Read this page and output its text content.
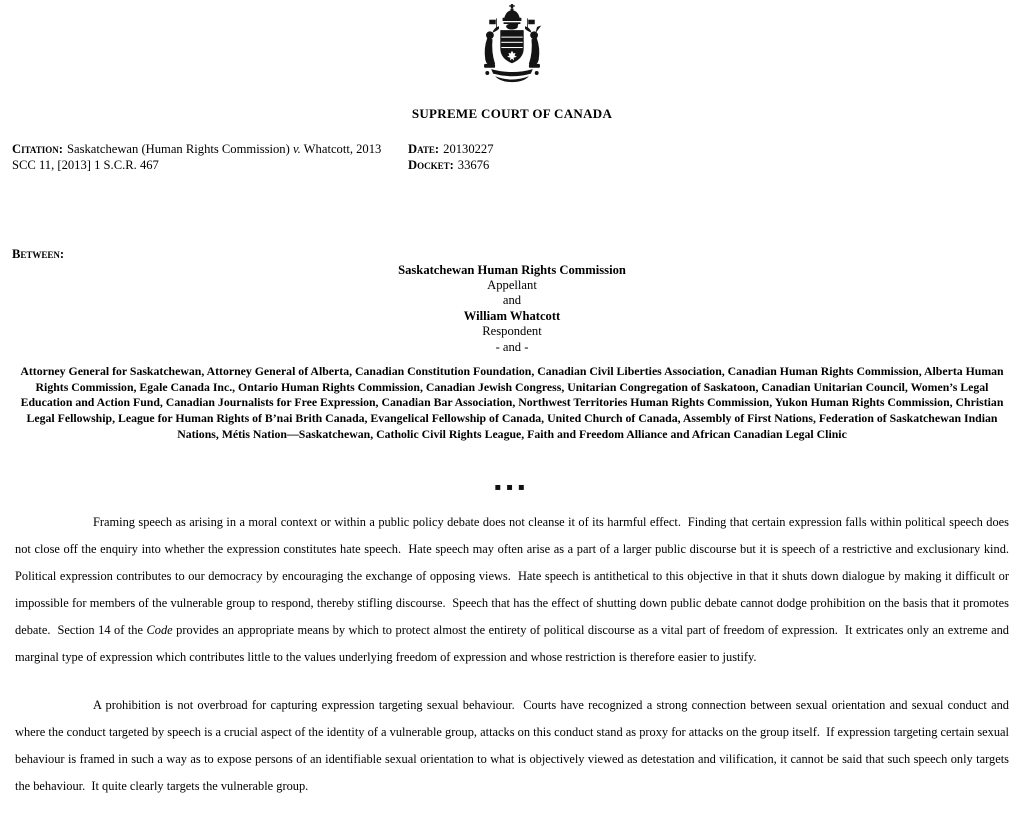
SUPREME COURT OF CANADA

Citation: Saskatchewan (Human Rights Commission) v. Whatcott, 2013 SCC 11, [2013] 1 S.C.R. 467

Date: 20130227
Docket: 33676
Between:
Saskatchewan Human Rights Commission
Appellant
and
William Whatcott
Respondent
- and -
Attorney General for Saskatchewan, Attorney General of Alberta, Canadian Constitution Foundation, Canadian Civil Liberties Association, Canadian Human Rights Commission, Alberta Human Rights Commission, Egale Canada Inc., Ontario Human Rights Commission, Canadian Jewish Congress, Unitarian Congregation of Saskatoon, Canadian Unitarian Council, Women’s Legal Education and Action Fund, Canadian Journalists for Free Expression, Canadian Bar Association, Northwest Territories Human Rights Commission, Yukon Human Rights Commission, Christian Legal Fellowship, League for Human Rights of B’nai Brith Canada, Evangelical Fellowship of Canada, United Church of Canada, Assembly of First Nations, Federation of Saskatchewan Indian Nations, Métis Nation—Saskatchewan, Catholic Civil Rights League, Faith and Freedom Alliance and African Canadian Legal Clinic
▪▪▪

Framing speech as arising in a moral context or within a public policy debate does not cleanse it of its harmful effect.  Finding that certain expression falls within political speech does not close off the enquiry into whether the expression constitutes hate speech.  Hate speech may often arise as a part of a larger public discourse but it is speech of a restrictive and exclusionary kind.  Political expression contributes to our democracy by encouraging the exchange of opposing views.  Hate speech is antithetical to this objective in that it shuts down dialogue by making it difficult or impossible for members of the vulnerable group to respond, thereby stifling discourse.  Speech that has the effect of shutting down public debate cannot dodge prohibition on the basis that it promotes debate.  Section 14 of the Code provides an appropriate means by which to protect almost the entirety of political discourse as a vital part of freedom of expression.  It extricates only an extreme and marginal type of expression which contributes little to the values underlying freedom of expression and whose restriction is therefore easier to justify.

A prohibition is not overbroad for capturing expression targeting sexual behaviour.  Courts have recognized a strong connection between sexual orientation and sexual conduct and where the conduct targeted by speech is a crucial aspect of the identity of a vulnerable group, attacks on this conduct stand as proxy for attacks on the group itself.  If expression targeting certain sexual behaviour is framed in such a way as to expose persons of an identifiable sexual orientation to what is objectively viewed as detestation and vilification, it cannot be said that such speech only targets the behaviour.  It quite clearly targets the vulnerable group.
